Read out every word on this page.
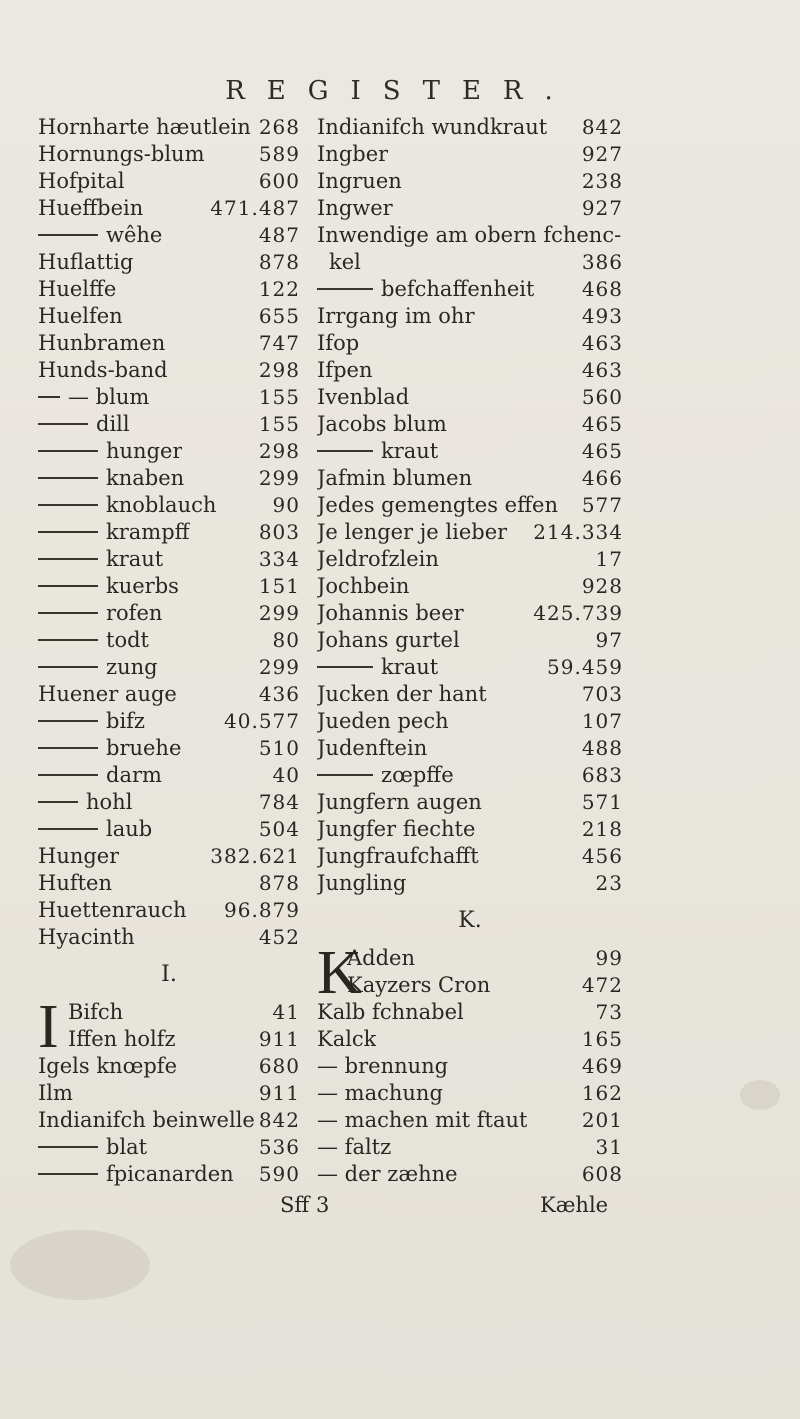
REGISTER.
Hornharte hæutlein 268
Hornungs-blum	589
Hofpital	600
Hueffbein	471.487
wêhe	487
Huflattig	878
Huelffe	122
Huelfen	655
Hunbramen	747
Hunds-band	298
— blum	155
dill	155
hunger	298
knaben	299
knoblauch	90
krampff	803
kraut	334
kuerbs	151
rofen	299
todt	80
zung	299
Huener auge	436
bifz	40.577
bruehe	510
darm	40
hohl	784
laub	504
Hunger	382.621
Huften	878
Huettenrauch 96.879
Hyacinth	452
I.
I Bifch	41
Iffen holfz	911
Igels knœpfe	680
Ilm	911
Indianifch beinwelle 842
blat	536
fpicanarden 590
Indianifch wundkraut 842
Ingber	927
Ingruen	238
Ingwer	927
Inwendige am obern fchenc-
kel	386
befchaffenheit 468
Irrgang im ohr	493
Ifop	463
Ifpen	463
Ivenblad	560
Jacobs blum	465
kraut	465
Jafmin blumen	466
Jedes gemengtes effen 577
Je lenger je lieber 214.334
Jeldrofzlein	17
Jochbein	928
Johannis beer	425.739
Johans gurtel	97
kraut	59.459
Jucken der hant	703
Jueden pech	107
Judenftein	488
zœpffe	683
Jungfern augen	571
Jungfer fiechte	218
Jungfraufchafft	456
Jungling	23
K.
K
Adden	99
Kayzers Cron	472
Kalb fchnabel	73
Kalck	165
— brennung	469
— machung	162
— machen mit ftaut	201
— faltz	31
— der zæhne	608
Sff 3	Kæhle
